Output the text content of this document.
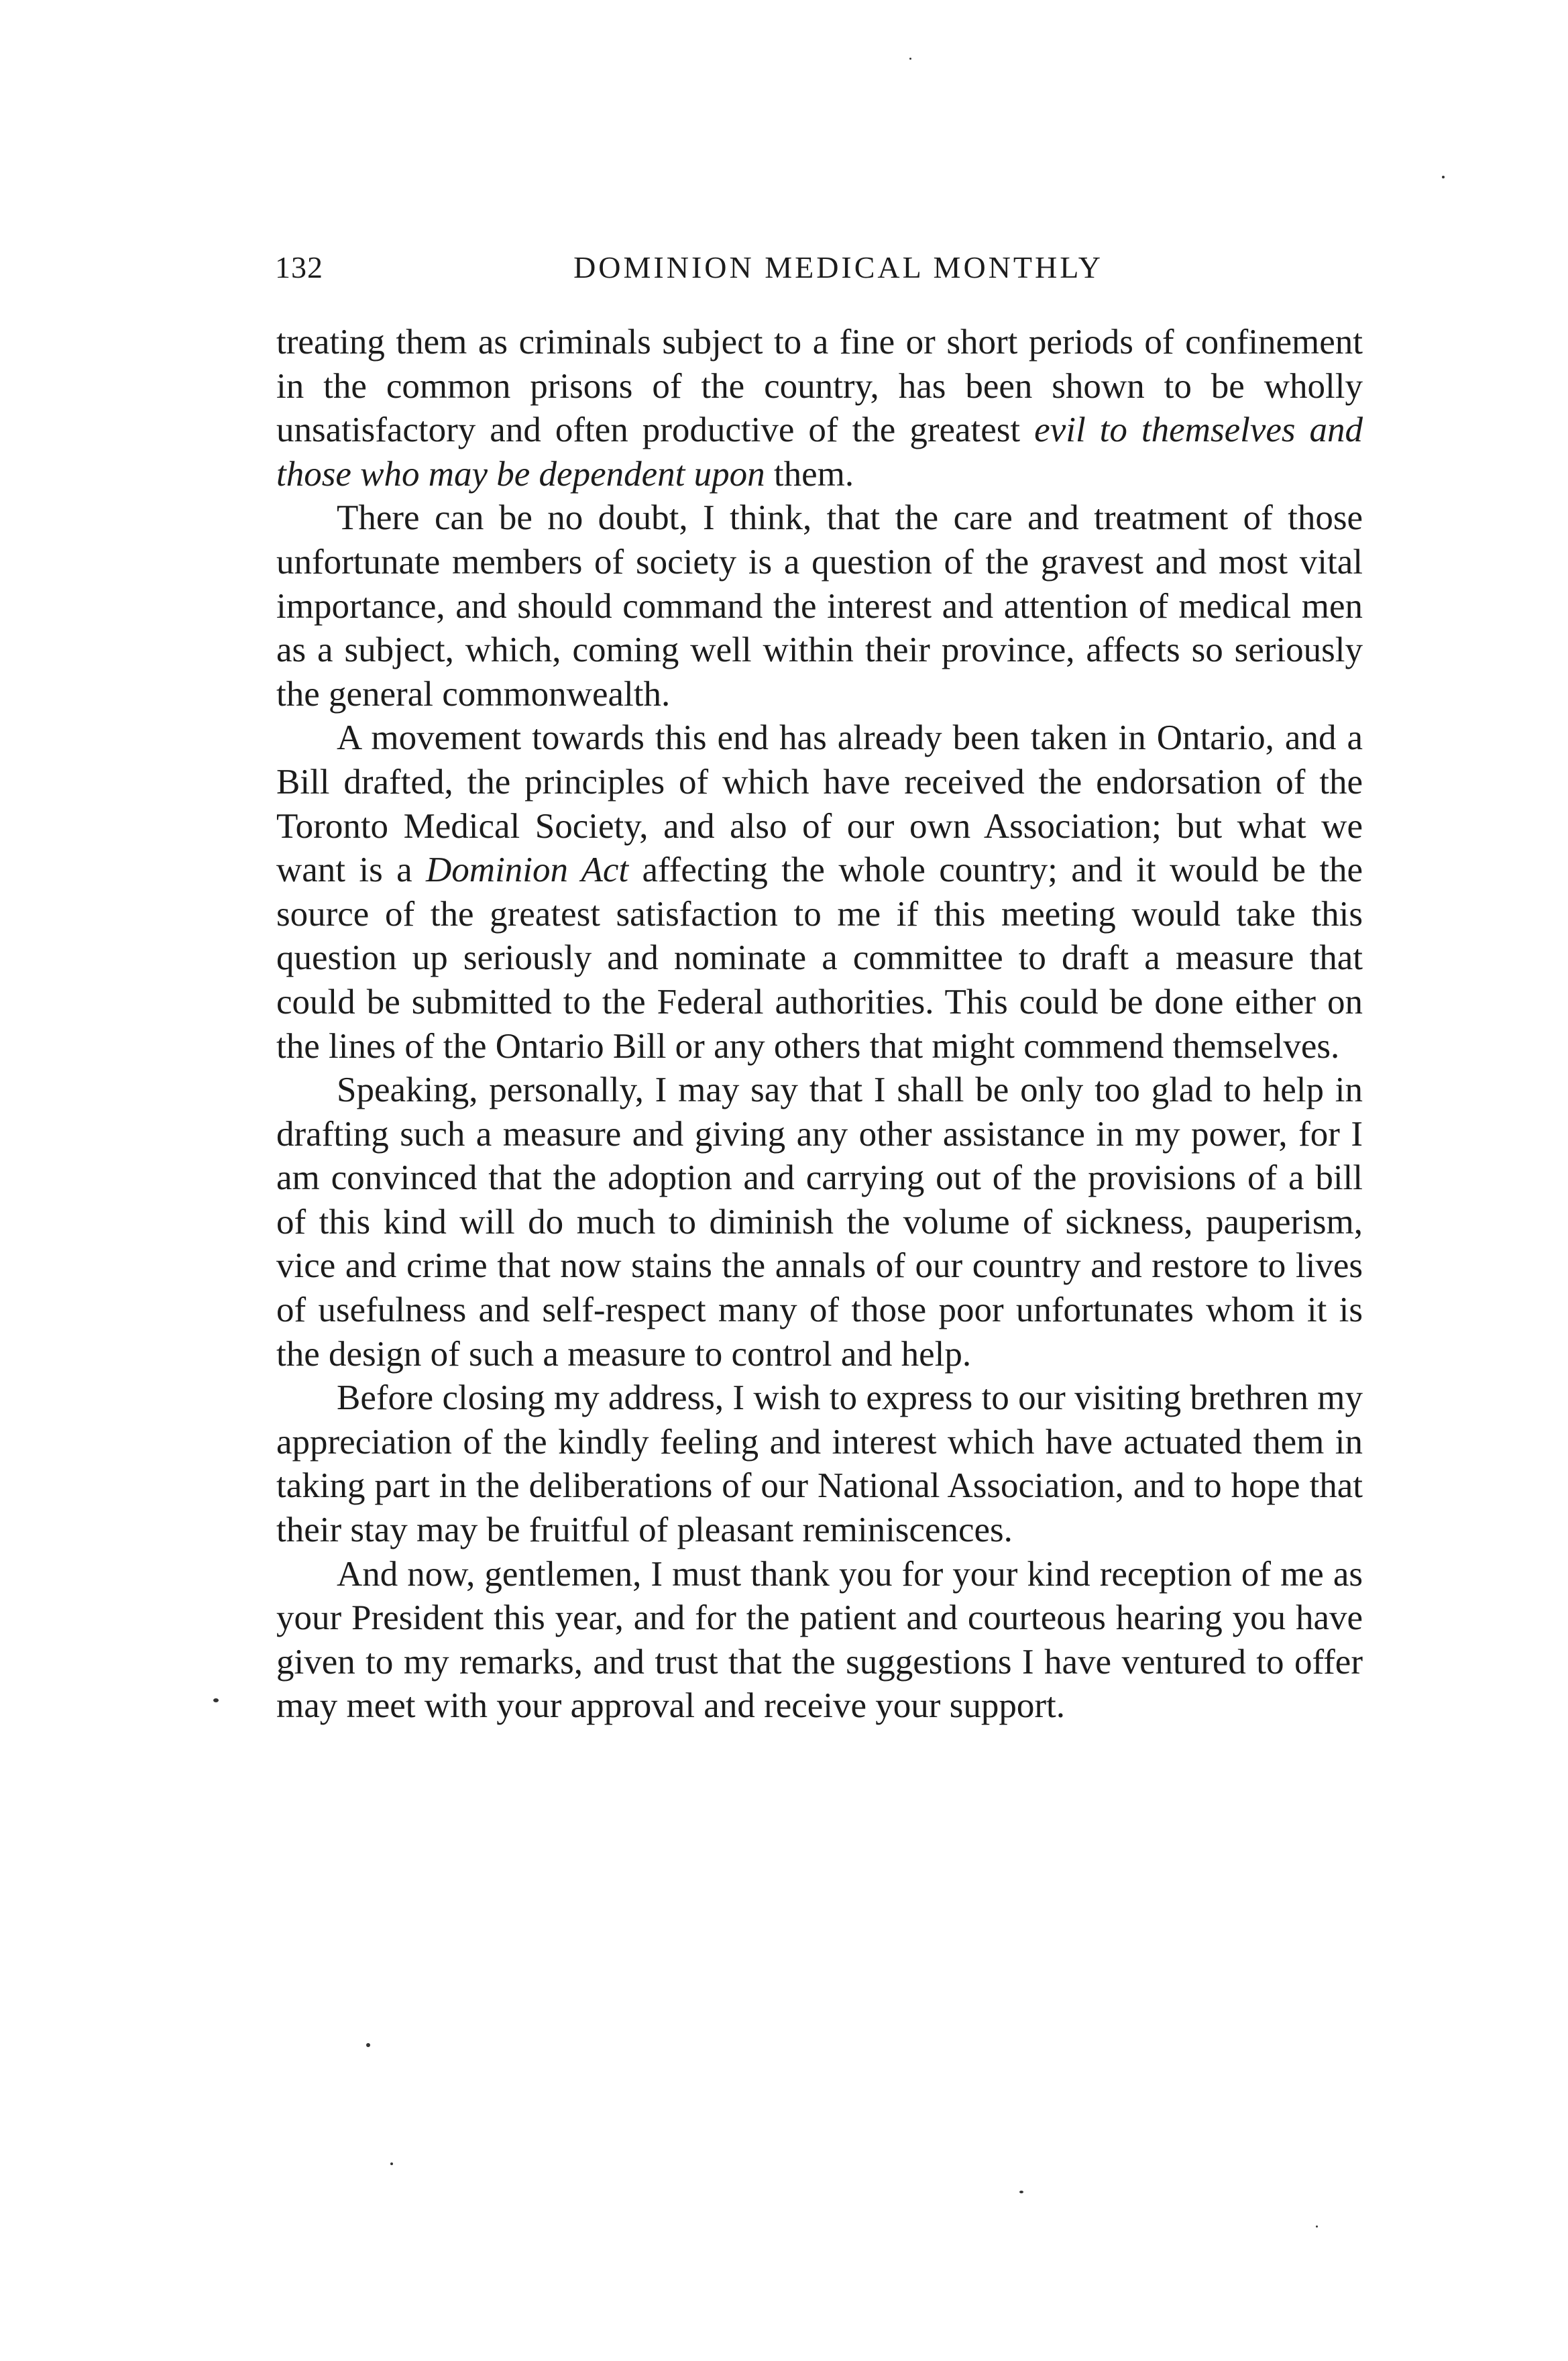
132	DOMINION MEDICAL MONTHLY

treating them as criminals subject to a fine or short periods of confinement in the common prisons of the country, has been shown to be wholly unsatisfactory and often productive of the greatest evil to themselves and those who may be dependent upon them.

There can be no doubt, I think, that the care and treatment of those unfortunate members of society is a question of the gravest and most vital importance, and should command the interest and attention of medical men as a subject, which, coming well within their province, affects so seriously the general commonwealth.

A movement towards this end has already been taken in Ontario, and a Bill drafted, the principles of which have received the endorsation of the Toronto Medical Society, and also of our own Association; but what we want is a Dominion Act affecting the whole country; and it would be the source of the greatest satisfaction to me if this meeting would take this question up seriously and nominate a committee to draft a measure that could be submitted to the Federal authorities. This could be done either on the lines of the Ontario Bill or any others that might commend themselves.

Speaking, personally, I may say that I shall be only too glad to help in drafting such a measure and giving any other assistance in my power, for I am convinced that the adoption and carrying out of the provisions of a bill of this kind will do much to diminish the volume of sickness, pauperism, vice and crime that now stains the annals of our country and restore to lives of usefulness and self-respect many of those poor unfortunates whom it is the design of such a measure to control and help.

Before closing my address, I wish to express to our visiting brethren my appreciation of the kindly feeling and interest which have actuated them in taking part in the deliberations of our National Association, and to hope that their stay may be fruitful of pleasant reminiscences.

And now, gentlemen, I must thank you for your kind reception of me as your President this year, and for the patient and courteous hearing you have given to my remarks, and trust that the suggestions I have ventured to offer may meet with your approval and receive your support.
